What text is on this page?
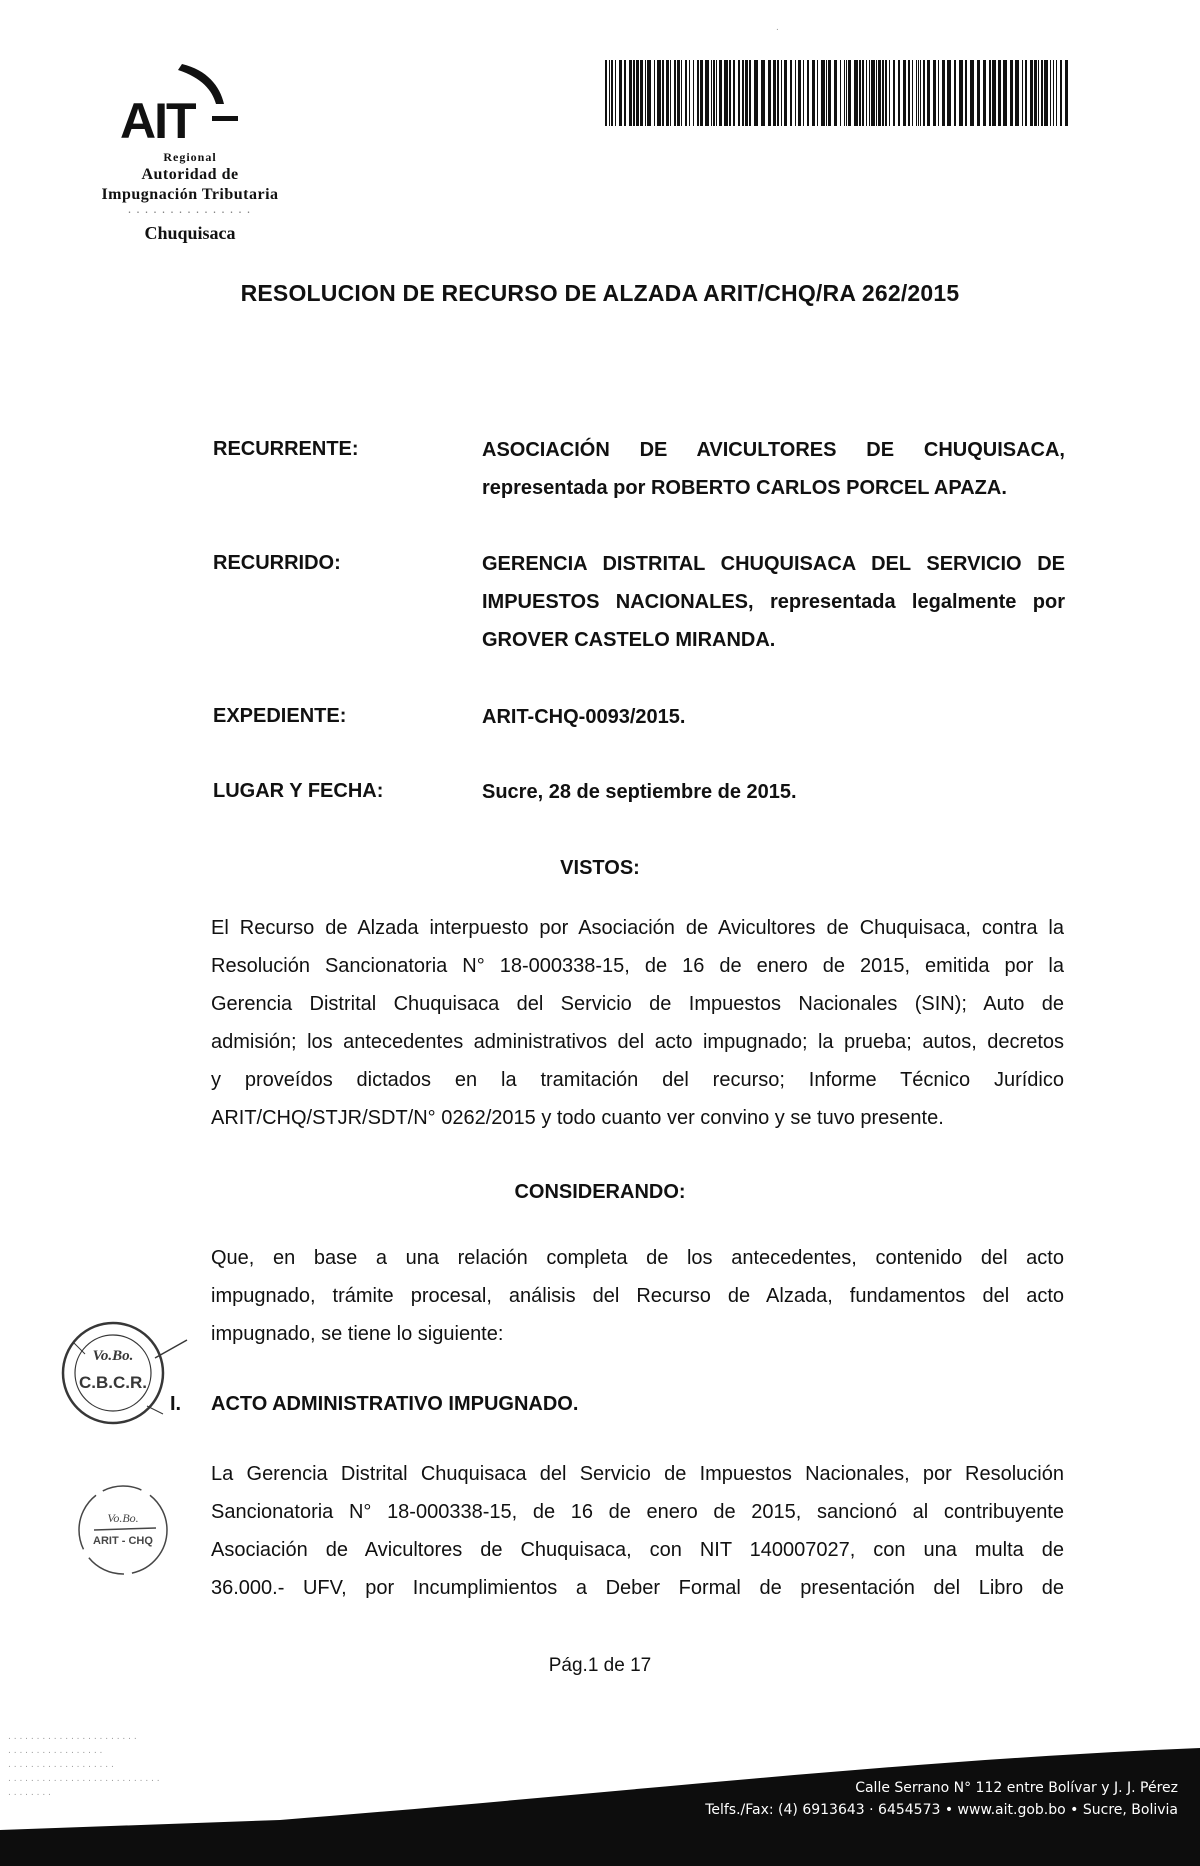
AIT
Regional
Autoridad de
Impugnación Tributaria
. . . . . . . . . . . . . . .
Chuquisaca
.
RESOLUCION DE RECURSO DE ALZADA ARIT/CHQ/RA 262/2015
RECURRENTE:	ASOCIACIÓN DE AVICULTORES DE CHUQUISACA,
representada por ROBERTO CARLOS PORCEL APAZA.
RECURRIDO:	GERENCIA DISTRITAL CHUQUISACA DEL SERVICIO DE
IMPUESTOS NACIONALES, representada legalmente por
GROVER CASTELO MIRANDA.
EXPEDIENTE:	ARIT-CHQ-0093/2015.
LUGAR Y FECHA:	Sucre, 28 de septiembre de 2015.
VISTOS:
El Recurso de Alzada interpuesto por Asociación de Avicultores de Chuquisaca, contra la
Resolución Sancionatoria N° 18-000338-15, de 16 de enero de 2015, emitida por la
Gerencia Distrital Chuquisaca del Servicio de Impuestos Nacionales (SIN); Auto de
admisión; los antecedentes administrativos del acto impugnado; la prueba; autos, decretos
y proveídos dictados en la tramitación del recurso; Informe Técnico Jurídico
ARIT/CHQ/STJR/SDT/N° 0262/2015 y todo cuanto ver convino y se tuvo presente.
CONSIDERANDO:
Que, en base a una relación completa de los antecedentes, contenido del acto
impugnado, trámite procesal, análisis del Recurso de Alzada, fundamentos del acto
impugnado, se tiene lo siguiente:
I. ACTO ADMINISTRATIVO IMPUGNADO.
La Gerencia Distrital Chuquisaca del Servicio de Impuestos Nacionales, por Resolución
Sancionatoria N° 18-000338-15, de 16 de enero de 2015, sancionó al contribuyente
Asociación de Avicultores de Chuquisaca, con NIT 140007027, con una multa de
36.000.- UFV, por Incumplimientos a Deber Formal de presentación del Libro de
Vo.Bo.
C.B.C.R.
Vo.Bo.
ARIT - CHQ
Pág.1 de 17
. . . . . . . . . . . . . . . . . . . . . . .
. . . . . . . . . . . . . . . . .
. . . . . . . . . . . . . . . . . . .
. . . . . . . . . . . . . . . . . . . . . . . . . . .
. . . . . . . .	Calle Serrano N° 112 entre Bolívar y J. J. Pérez
Telfs./Fax: (4) 6913643 · 6454573 • www.ait.gob.bo • Sucre, Bolivia
